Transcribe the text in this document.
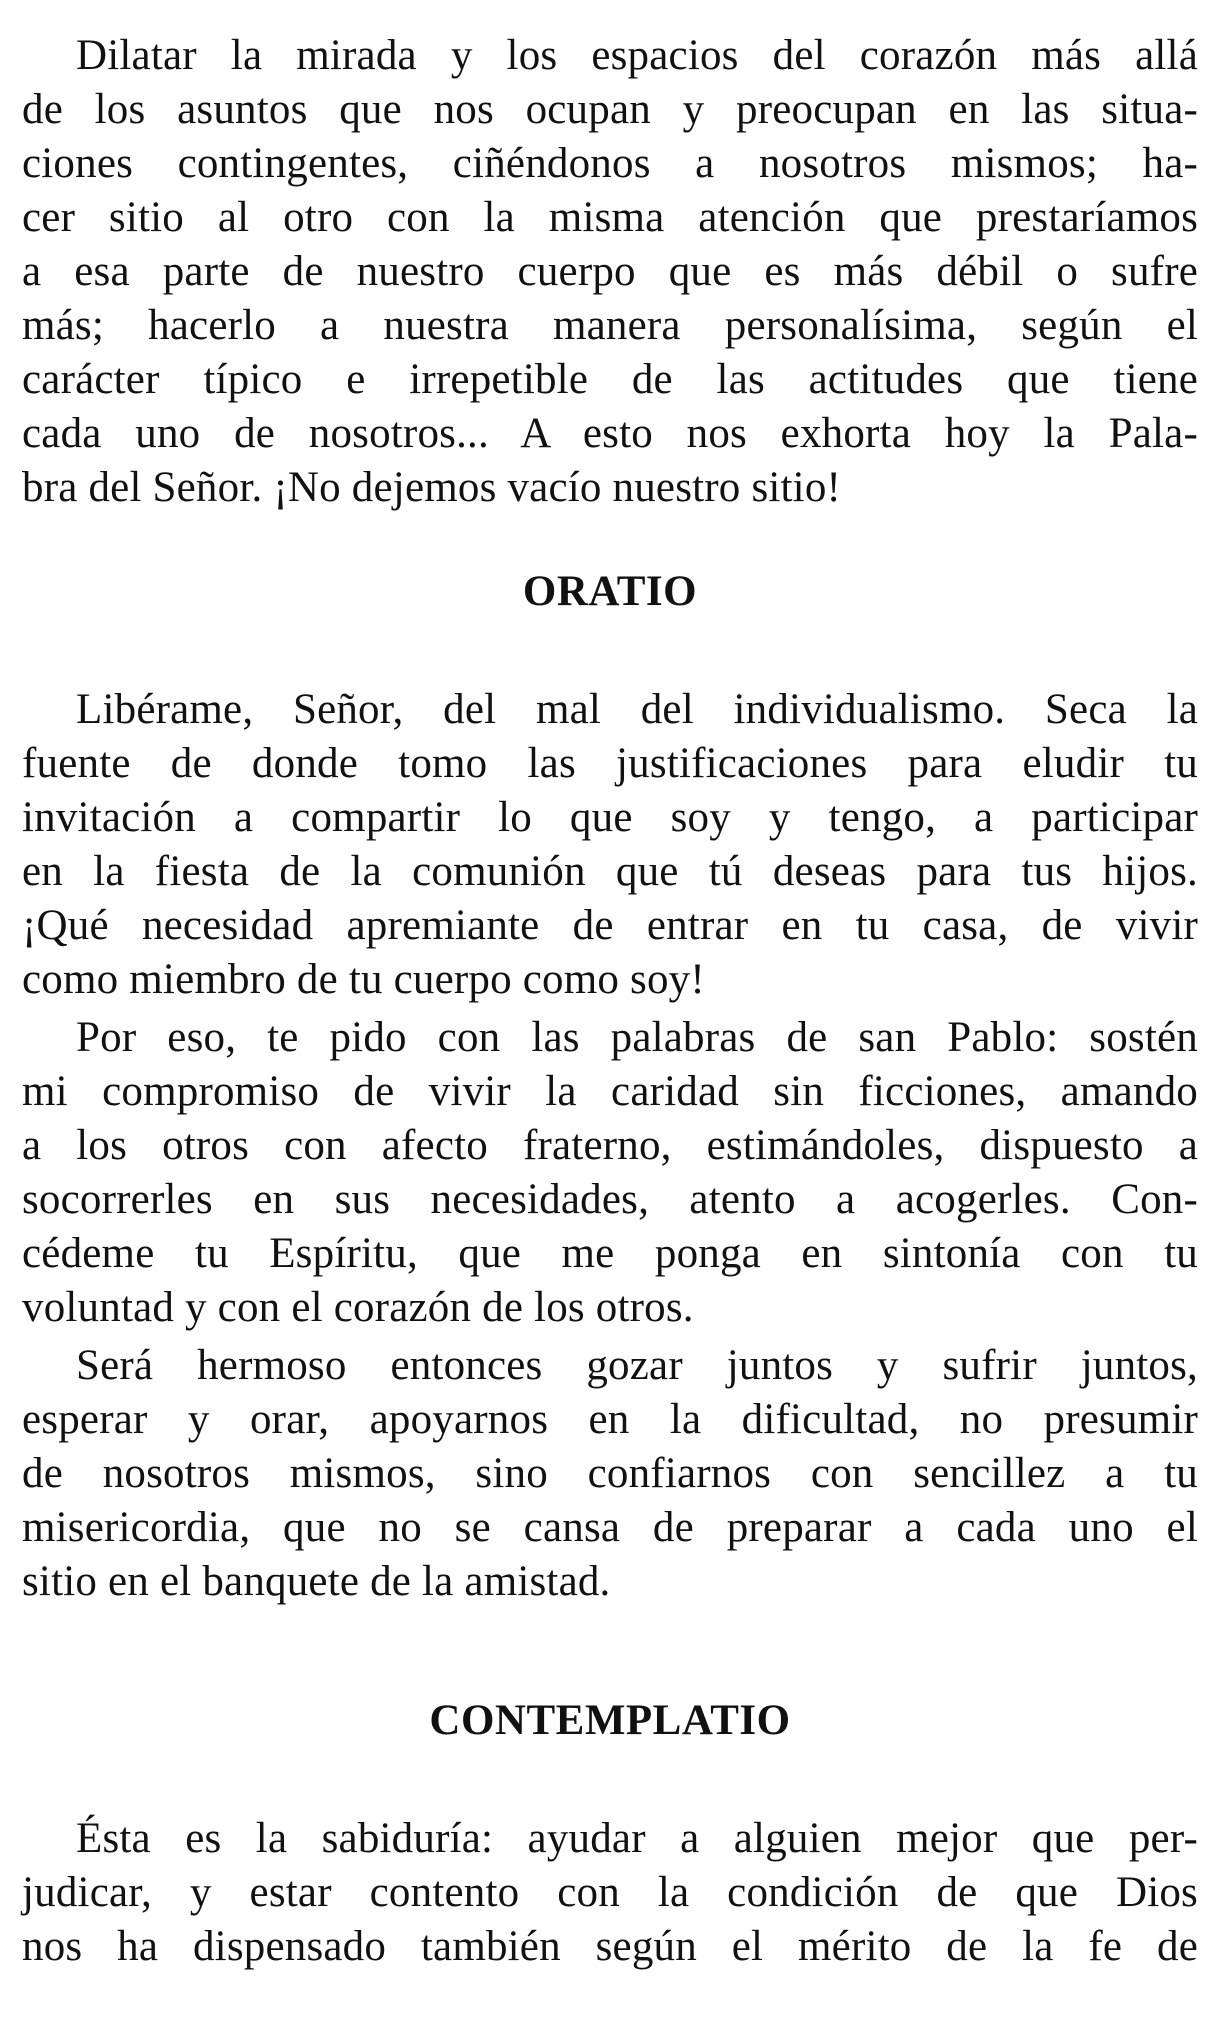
Dilatar la mirada y los espacios del corazón más allá
de los asuntos que nos ocupan y preocupan en las situa-
ciones contingentes, ciñéndonos a nosotros mismos; ha-
cer sitio al otro con la misma atención que prestaríamos
a esa parte de nuestro cuerpo que es más débil o sufre
más; hacerlo a nuestra manera personalísima, según el
carácter típico e irrepetible de las actitudes que tiene
cada uno de nosotros... A esto nos exhorta hoy la Pala-
bra del Señor. ¡No dejemos vacío nuestro sitio!
ORATIO
Libérame, Señor, del mal del individualismo. Seca la
fuente de donde tomo las justificaciones para eludir tu
invitación a compartir lo que soy y tengo, a participar
en la fiesta de la comunión que tú deseas para tus hijos.
¡Qué necesidad apremiante de entrar en tu casa, de vivir
como miembro de tu cuerpo como soy!
Por eso, te pido con las palabras de san Pablo: sostén
mi compromiso de vivir la caridad sin ficciones, amando
a los otros con afecto fraterno, estimándoles, dispuesto a
socorrerles en sus necesidades, atento a acogerles. Con-
cédeme tu Espíritu, que me ponga en sintonía con tu
voluntad y con el corazón de los otros.
Será hermoso entonces gozar juntos y sufrir juntos,
esperar y orar, apoyarnos en la dificultad, no presumir
de nosotros mismos, sino confiarnos con sencillez a tu
misericordia, que no se cansa de preparar a cada uno el
sitio en el banquete de la amistad.
CONTEMPLATIO
Ésta es la sabiduría: ayudar a alguien mejor que per-
judicar, y estar contento con la condición de que Dios
nos ha dispensado también según el mérito de la fe de
